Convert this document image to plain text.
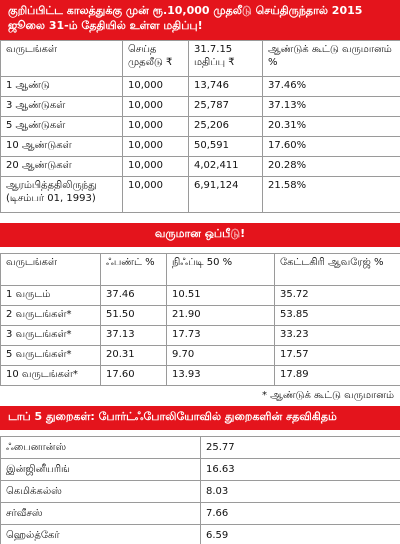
குறிப்பிட்ட காலத்துக்கு முன் ரூ.10,000 முதலீடு செய்திருந்தால் 2015 ஜூலை 31-ம் தேதியில் உள்ள மதிப்பு!
வருடங்கள்	செய்த முதலீடு ₹	31.7.15 மதிப்பு ₹	ஆண்டுக் கூட்டு வருமானம் %
1 ஆண்டு	10,000	13,746	37.46%
3 ஆண்டுகள்	10,000	25,787	37.13%
5 ஆண்டுகள்	10,000	25,206	20.31%
10 ஆண்டுகள்	10,000	50,591	17.60%
20 ஆண்டுகள்	10,000	4,02,411	20.28%
ஆரம்பித்ததிலிருந்து (டிசம்பர் 01, 1993)	10,000	6,91,124	21.58%
வருமான ஒப்பீடு!
வருடங்கள்	ஃபண்ட் %	நிஃப்டி 50 %	கேட்டகிரி ஆவரேஜ் %
1 வருடம்	37.46	10.51	35.72
2 வருடங்கள்*	51.50	21.90	53.85
3 வருடங்கள்*	37.13	17.73	33.23
5 வருடங்கள்*	20.31	9.70	17.57
10 வருடங்கள்*	17.60	13.93	17.89
* ஆண்டுக் கூட்டு வருமானம்
டாப் 5 துறைகள்: போர்ட்ஃபோலியோவில் துறைகளின் சதவிகிதம்
ஃபைனான்ஸ்	25.77
இன்ஜினீயரிங்	16.63
கெமிக்கல்ஸ்	8.03
சர்வீசஸ்	7.66
ஹெல்த்கேர்	6.59
